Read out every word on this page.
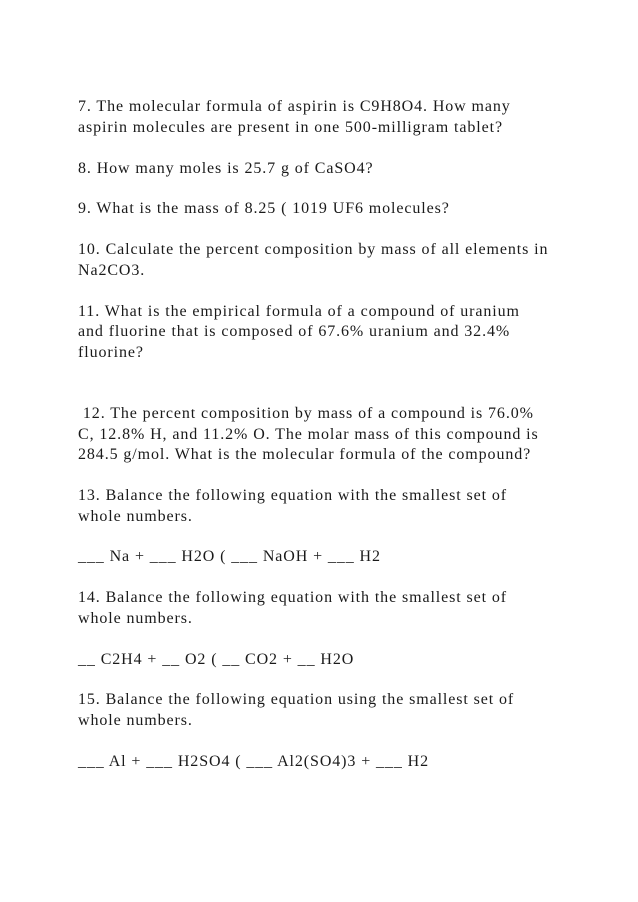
7. The molecular formula of aspirin is C9H8O4. How many
aspirin molecules are present in one 500-milligram tablet?
8. How many moles is 25.7 g of CaSO4?
9. What is the mass of 8.25 ( 1019 UF6 molecules?
10. Calculate the percent composition by mass of all elements in
Na2CO3.
11. What is the empirical formula of a compound of uranium
and fluorine that is composed of 67.6% uranium and 32.4%
fluorine?
12. The percent composition by mass of a compound is 76.0%
C, 12.8% H, and 11.2% O. The molar mass of this compound is
284.5 g/mol. What is the molecular formula of the compound?
13. Balance the following equation with the smallest set of
whole numbers.
___ Na + ___ H2O ( ___ NaOH + ___ H2
14. Balance the following equation with the smallest set of
whole numbers.
__ C2H4 + __ O2 ( __ CO2 + __ H2O
15. Balance the following equation using the smallest set of
whole numbers.
___ Al + ___ H2SO4 ( ___ Al2(SO4)3 + ___ H2
